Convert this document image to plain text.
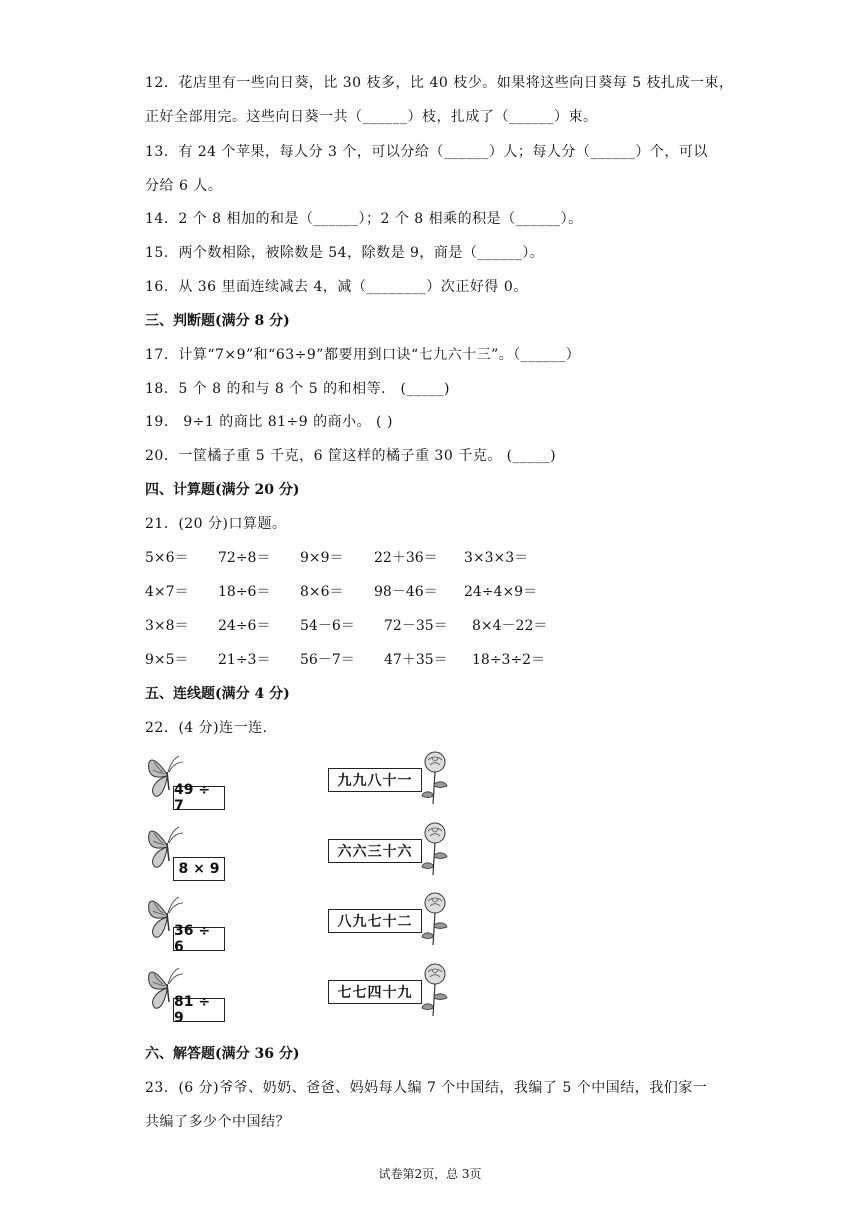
12．花店里有一些向日葵，比 30 枝多，比 40 枝少。如果将这些向日葵每 5 枝扎成一束，
正好全部用完。这些向日葵一共（______）枝，扎成了（______）束。
13．有 24 个苹果，每人分 3 个，可以分给（______）人；每人分（______）个，可以
分给 6 人。
14．2 个 8 相加的和是（______）；2 个 8 相乘的积是（______）。
15．两个数相除，被除数是 54，除数是 9，商是（______）。
16．从 36 里面连续减去 4，减（________）次正好得 0。
三、判断题(满分 8 分)
17．计算“7×9”和“63÷9”都要用到口诀“七九六十三”。（______）
18．5 个 8 的和与 8 个 5 的和相等． (_____)
19． 9÷1 的商比 81÷9 的商小。 ( )
20．一筐橘子重 5 千克，6 筐这样的橘子重 30 千克。 (_____)
四、计算题(满分 20 分)
21．(20 分)口算题。
5×6＝ 72÷8＝ 9×9＝ 22＋36＝ 3×3×3＝
4×7＝ 18÷6＝ 8×6＝ 98－46＝ 24÷4×9＝
3×8＝ 24÷6＝ 54－6＝ 72－35＝ 8×4－22＝
9×5＝ 21÷3＝ 56－7＝ 47＋35＝ 18÷3÷2＝
五、连线题(满分 4 分)
22．(4 分)连一连.
49 ÷ 7
8 × 9
36 ÷ 6
81 ÷ 9
九九八十一
六六三十六
八九七十二
七七四十九
六、解答题(满分 36 分)
23．(6 分)爷爷、奶奶、爸爸、妈妈每人编 7 个中国结，我编了 5 个中国结，我们家一
共编了多少个中国结？
试卷第2页，总 3页
